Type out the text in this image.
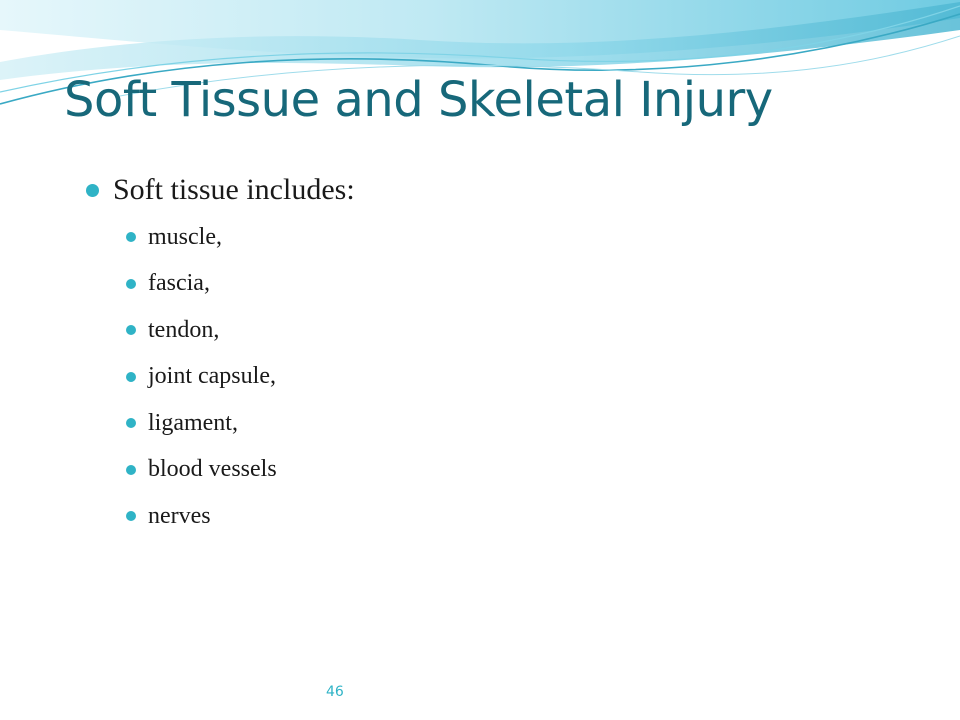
Soft Tissue and Skeletal Injury
Soft tissue includes:
muscle,
fascia,
tendon,
joint capsule,
ligament,
blood vessels
nerves
46
